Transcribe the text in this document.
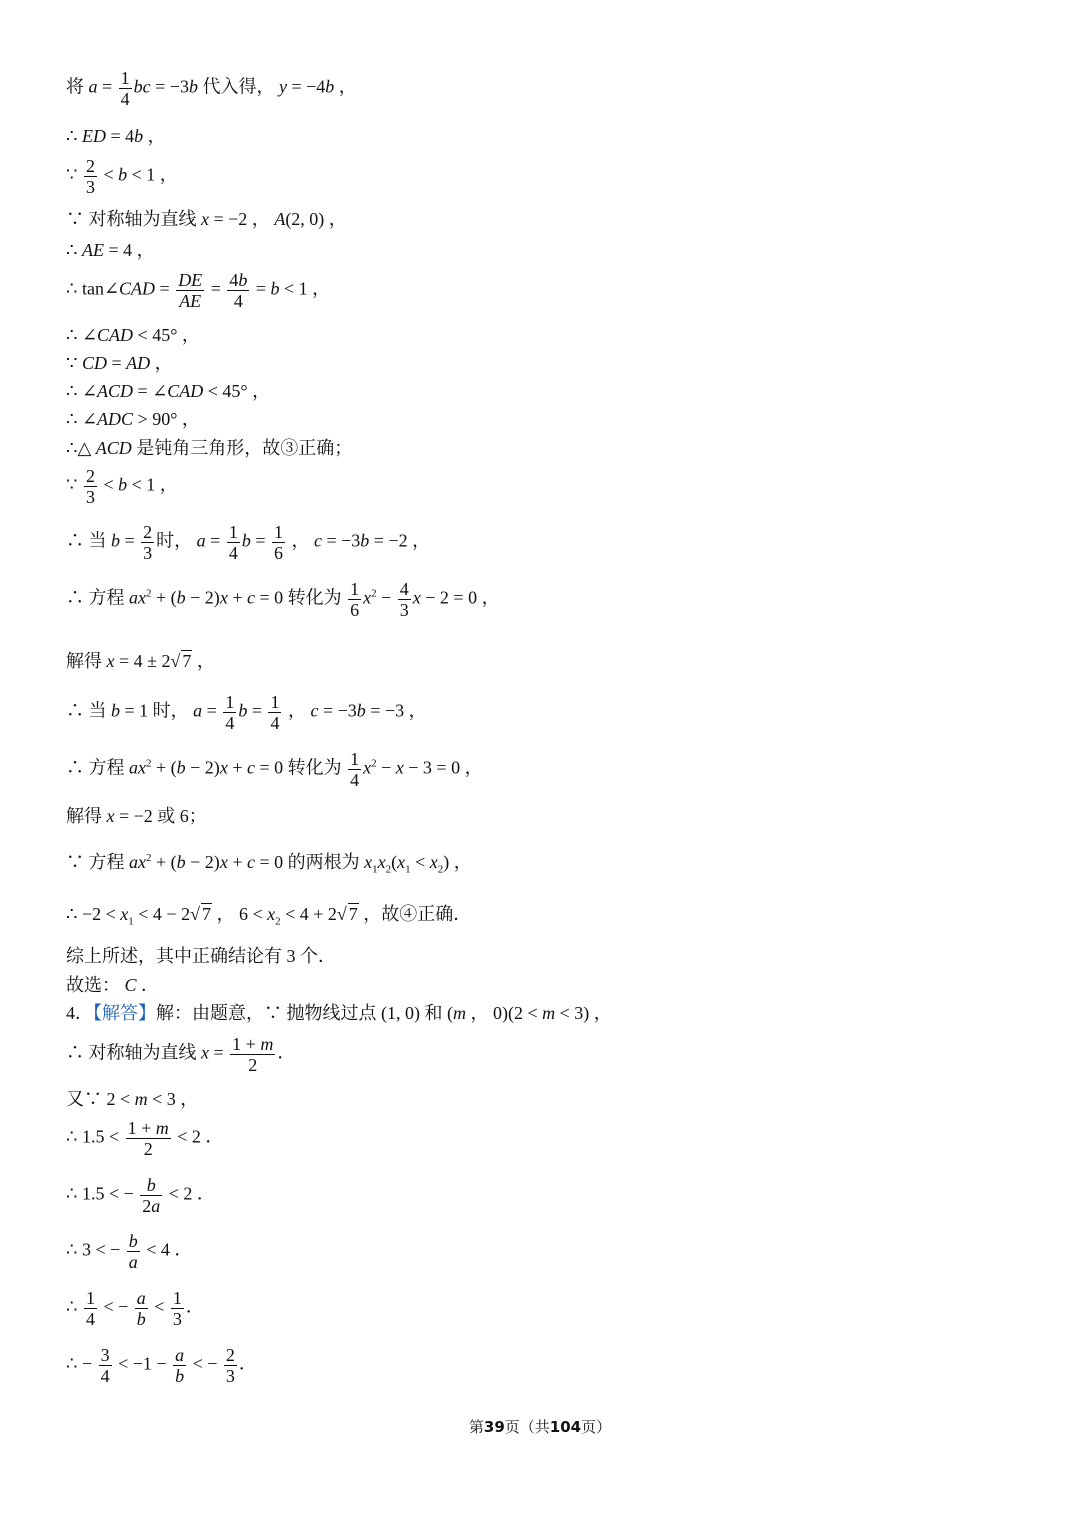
将 $a = \frac{1}{4}$ bc = −3b 代入得， y = −4b ，
∴ ED = 4b ，
∵ $\frac{2}{3} < b < 1$ ，
∵ 对称轴为直线 x = −2 ， A(2, 0) ，
∴ AE = 4 ，
∴ tan∠CAD = $\frac{DE}{AE} = \frac{4b}{4} = b < 1$ ，
∴ ∠CAD < 45° ，
∵ CD = AD ，
∴ ∠ACD = ∠CAD < 45° ，
∴ ∠ADC > 90° ，
∴△ ACD 是钝角三角形，故③正确；
∵ $\frac{2}{3} < b < 1$ ，
∴ 当 $b = \frac{2}{3}$ 时， $a = \frac{1}{4}$ $b = \frac{1}{6}$ ， c = −3b = −2 ，
∴ 方程 $ax^2 + (b - 2)x + c = 0$ 转化为 $\frac{1}{6} x^2 - \frac{4}{3}$ x − 2 = 0 ，
解得 x = 4 ± 2√ 7 ，
∴ 当 b = 1 时， $a = \frac{1}{4}$ $b = \frac{1}{4}$ ， c = −3b = −3 ，
∴ 方程 $ax^2 + (b - 2)x + c = 0$ 转化为 $\frac{1}{4} x^2 - x - 3 = 0$ ，
解得 x = −2 或 6；
∵ 方程 $ax^2 + (b - 2)x + c = 0$ 的两根为 $x_1x_2(x_1 < x_2)$ ，
∴ $-2 < x_1 < 4 - 2√$ 7 ， $6 < x_2 < 4 + 2√$ 7 ，故④正确．
综上所述，其中正确结论有 3 个．
故选： C ．
4．【解答】解：由题意，∵ 抛物线过点 (1, 0) 和 (m ， 0)(2 < m < 3) ，
∴ 对称轴为直线 $x = \frac{1 + m}{2}$ ．
又∵ 2 < m < 3 ，
∴ $1.5 < \frac{1 + m}{2} < 2$ ．
∴ 1.5 < − $\frac{b}{2a} < 2$ ．
∴ 3 < − $\frac{b}{a} < 4$ ．
∴ $\frac{1}{4}$ < − $\frac{a}{b} < \frac{1}{3}$ ．
∴ − $\frac{3}{4} < -1 - \frac{a}{b}$ < − $\frac{2}{3}$ ．
第39页（共104页）
